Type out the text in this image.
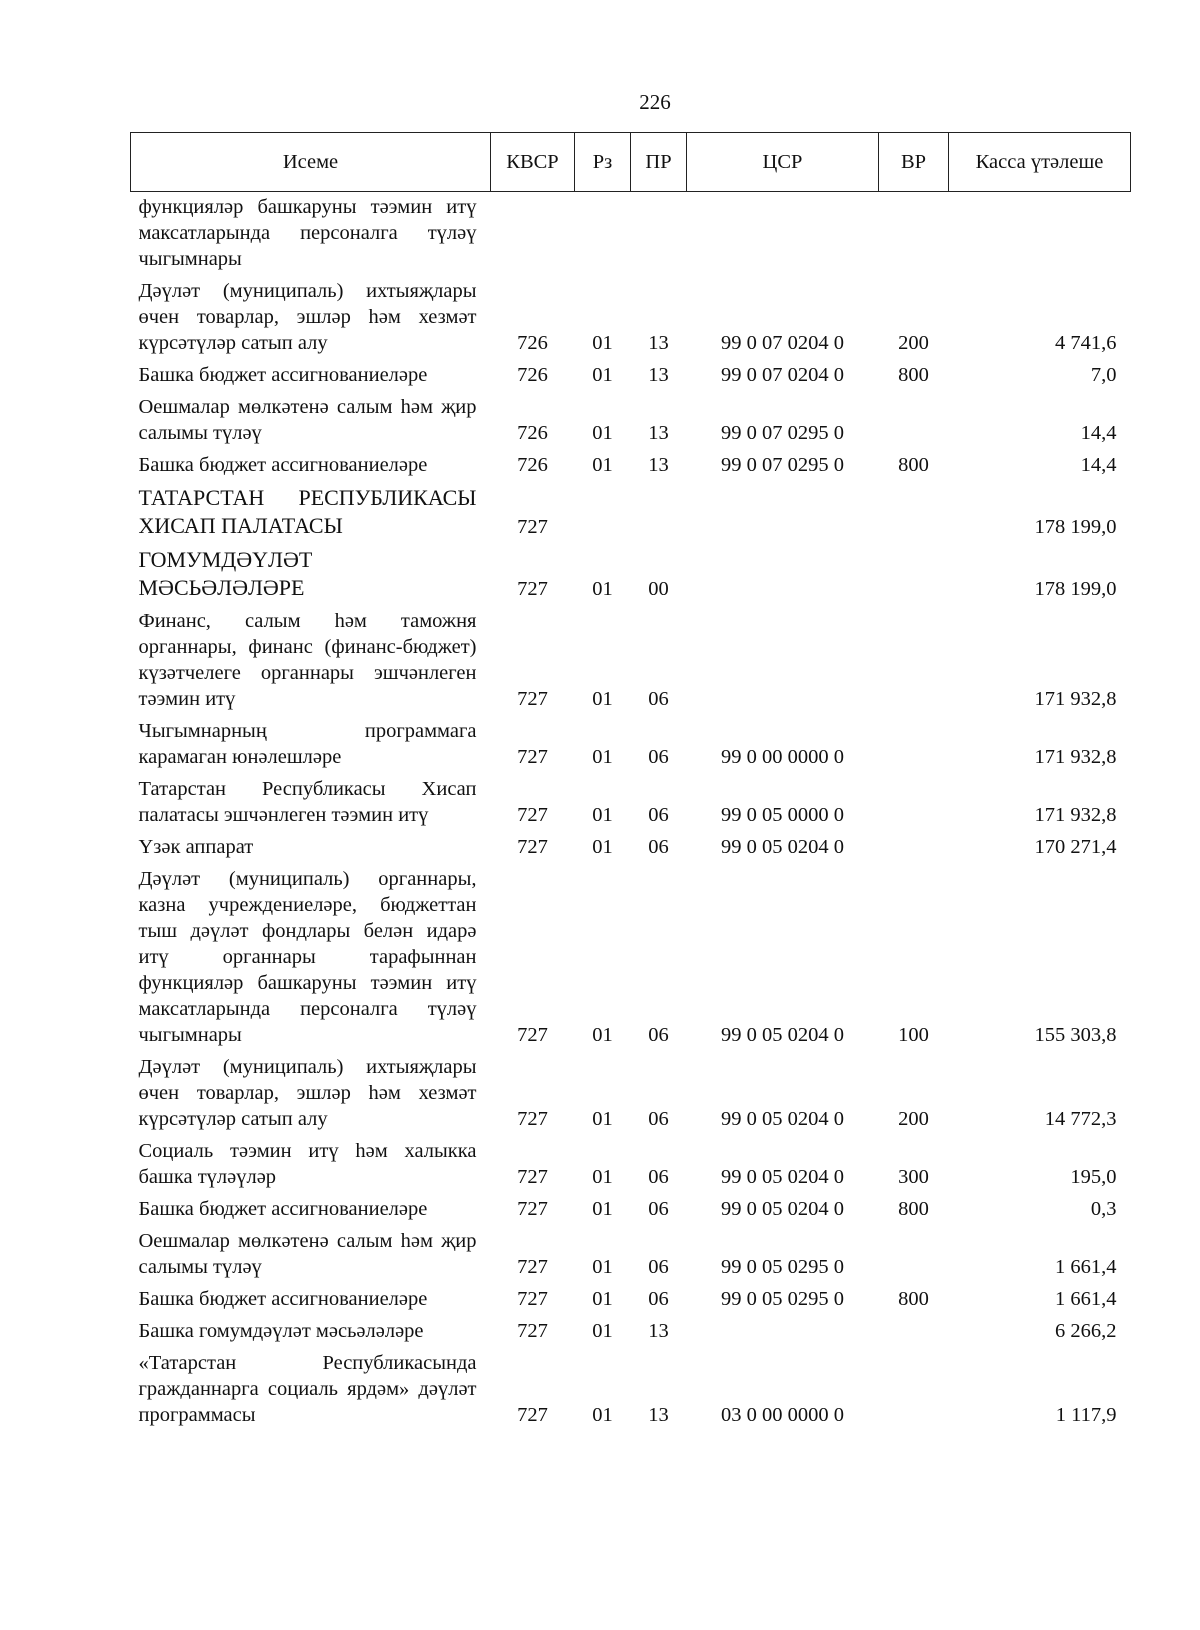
226
Исеме	КВСР	Рз	ПР	ЦСР	ВР	Касса үтәлеше
функцияләр башкаруны тәэмин итү максатларында персоналга түләү чыгымнары						
Дәүләт (муниципаль) ихтыяҗлары өчен товарлар, эшләр һәм хезмәт күрсәтүләр сатып алу	726	01	13	99 0 07 0204 0	200	4 741,6
Башка бюджет ассигнованиеләре	726	01	13	99 0 07 0204 0	800	7,0
Оешмалар мөлкәтенә салым һәм җир салымы түләү	726	01	13	99 0 07 0295 0		14,4
Башка бюджет ассигнованиеләре	726	01	13	99 0 07 0295 0	800	14,4
ТАТАРСТАН РЕСПУБЛИКАСЫ ХИСАП ПАЛАТАСЫ	727					178 199,0
ГОМУМДӘҮЛӘТ МӘСЬӘЛӘЛӘРЕ	727	01	00			178 199,0
Финанс, салым һәм таможня органнары, финанс (финанс-бюджет) күзәтчелеге органнары эшчәнлеген тәэмин итү	727	01	06			171 932,8
Чыгымнарның программага карамаган юнәлешләре	727	01	06	99 0 00 0000 0		171 932,8
Татарстан Республикасы Хисап палатасы эшчәнлеген тәэмин итү	727	01	06	99 0 05 0000 0		171 932,8
Үзәк аппарат	727	01	06	99 0 05 0204 0		170 271,4
Дәүләт (муниципаль) органнары, казна учреждениеләре, бюджеттан тыш дәүләт фондлары белән идарә итү органнары тарафыннан функцияләр башкаруны тәэмин итү максатларында персоналга түләү чыгымнары	727	01	06	99 0 05 0204 0	100	155 303,8
Дәүләт (муниципаль) ихтыяҗлары өчен товарлар, эшләр һәм хезмәт күрсәтүләр сатып алу	727	01	06	99 0 05 0204 0	200	14 772,3
Социаль тәэмин итү һәм халыкка башка түләүләр	727	01	06	99 0 05 0204 0	300	195,0
Башка бюджет ассигнованиеләре	727	01	06	99 0 05 0204 0	800	0,3
Оешмалар мөлкәтенә салым һәм җир салымы түләү	727	01	06	99 0 05 0295 0		1 661,4
Башка бюджет ассигнованиеләре	727	01	06	99 0 05 0295 0	800	1 661,4
Башка гомумдәүләт мәсьәләләре	727	01	13			6 266,2
«Татарстан Республикасында гражданнарга социаль ярдәм» дәүләт программасы	727	01	13	03 0 00 0000 0		1 117,9
